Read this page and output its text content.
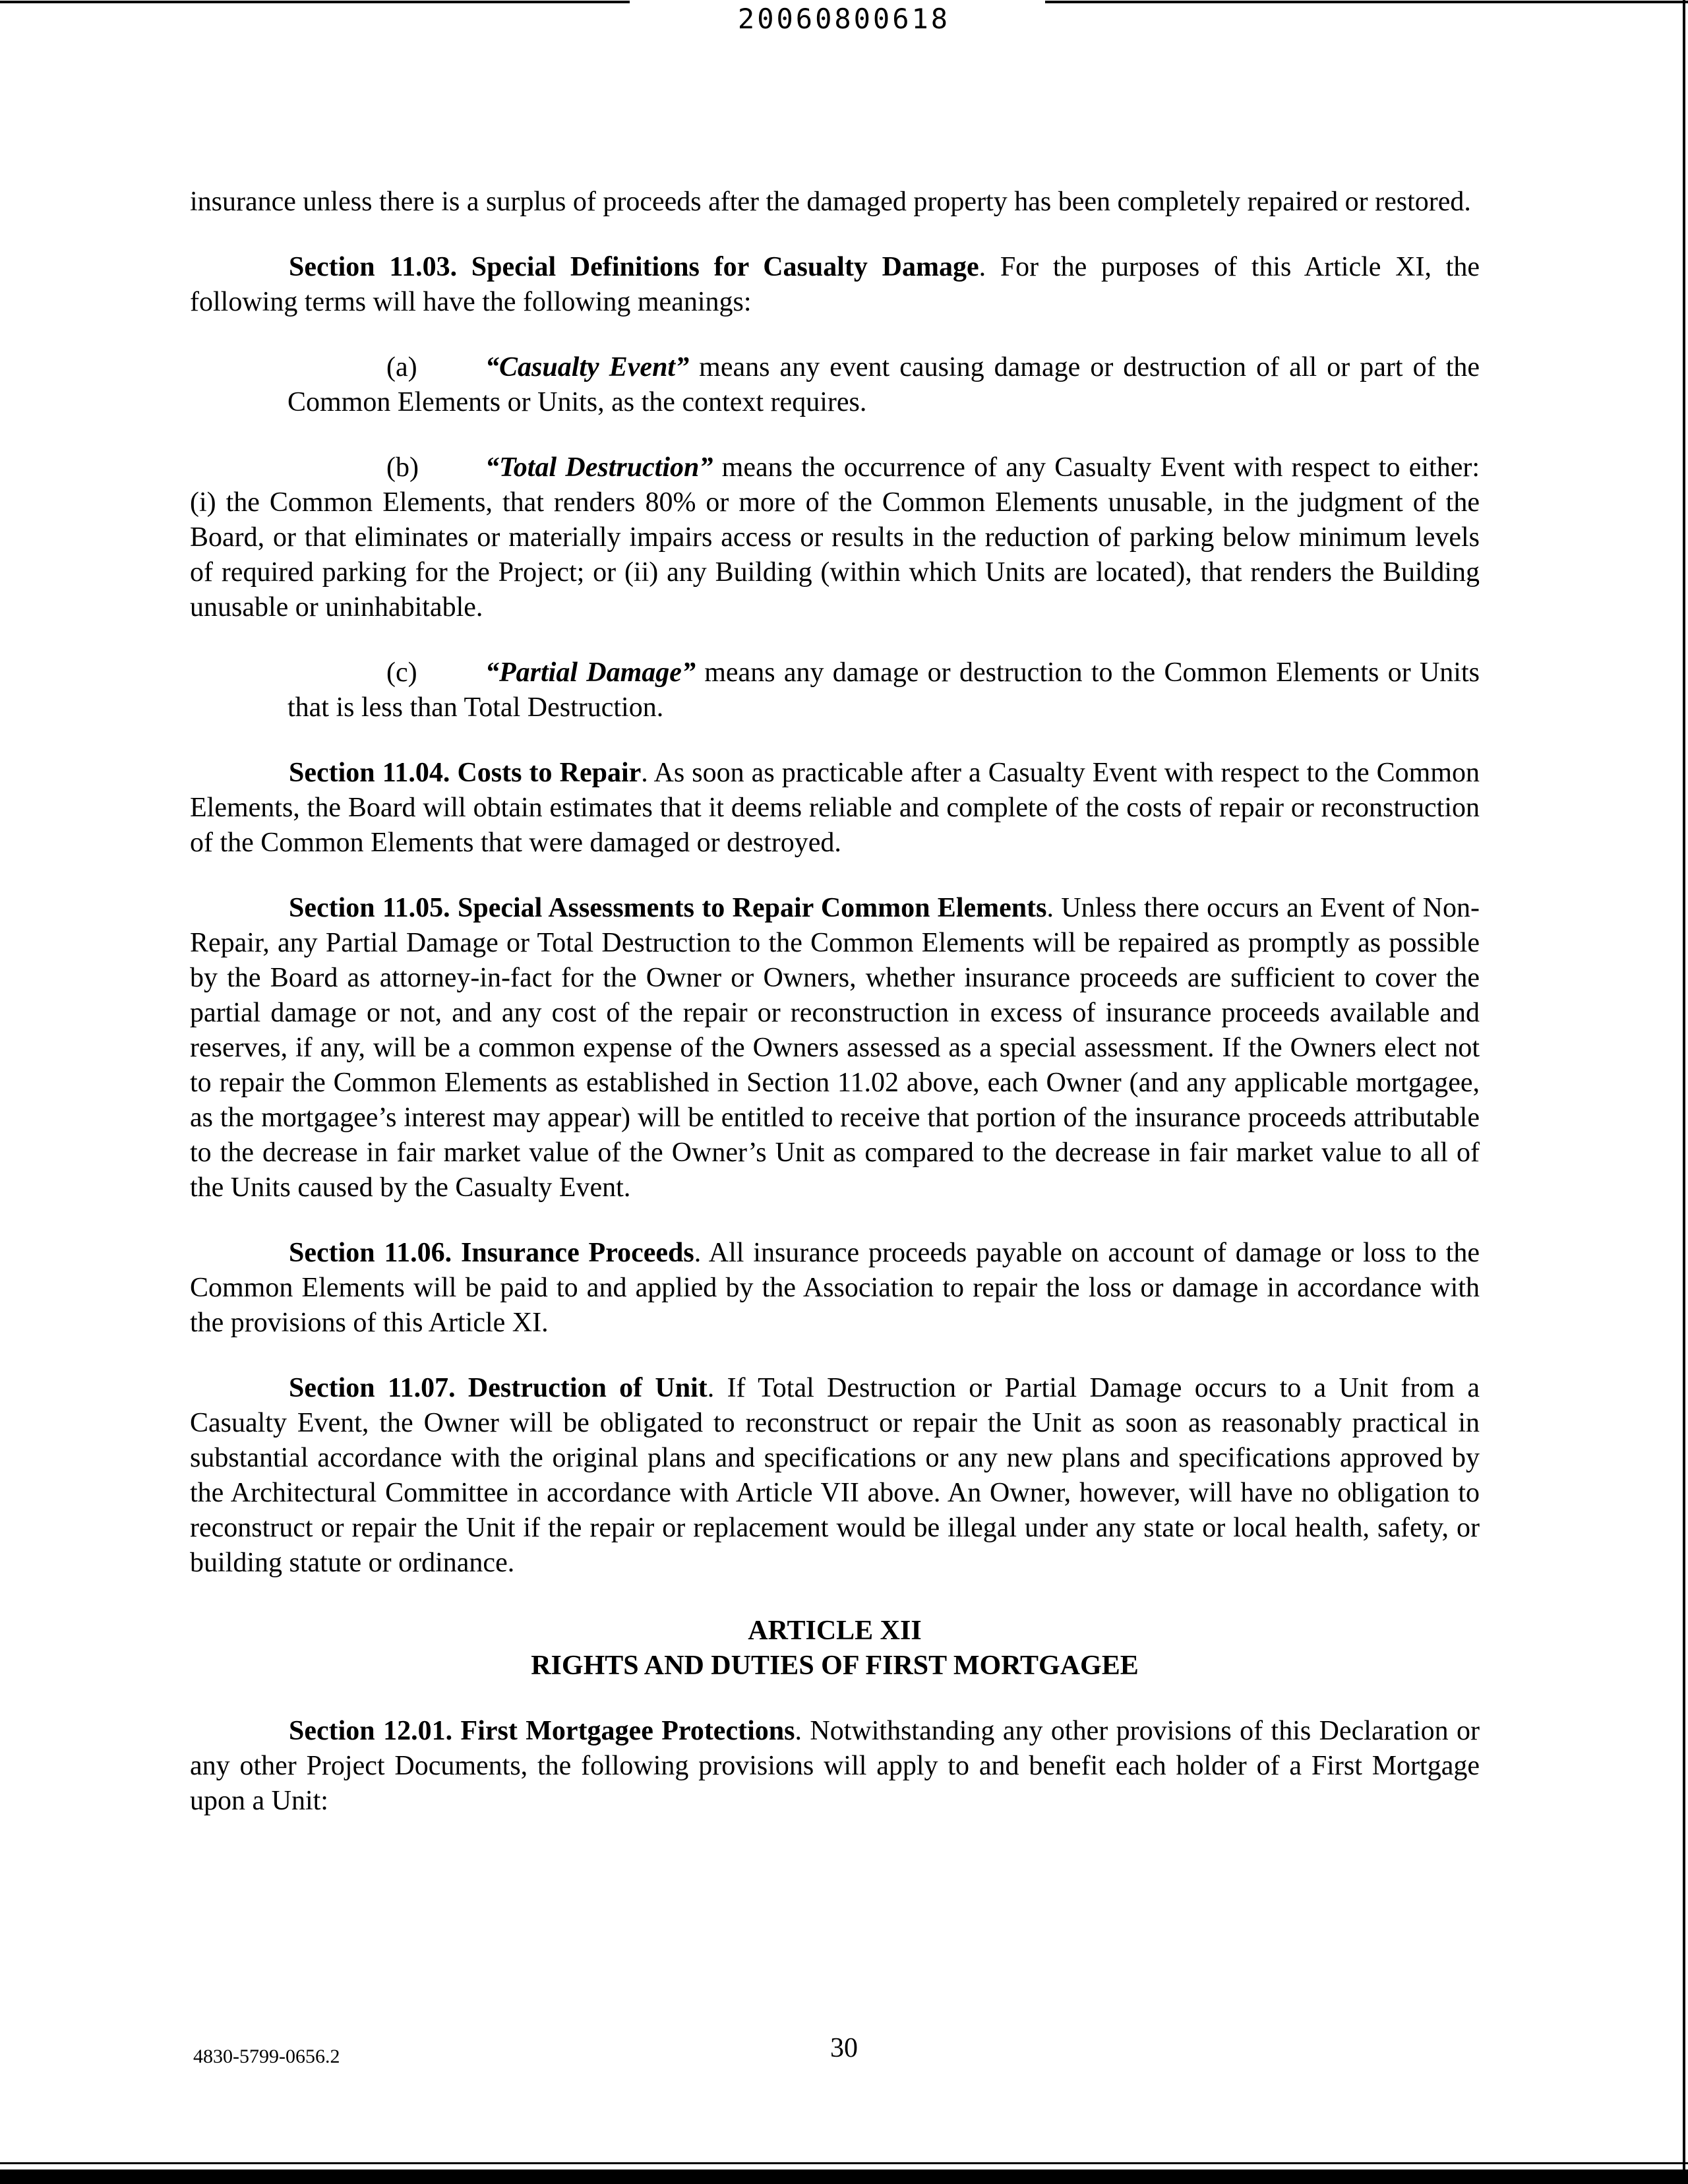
20060800618

insurance unless there is a surplus of proceeds after the damaged property has been completely repaired or restored.

Section 11.03. Special Definitions for Casualty Damage. For the purposes of this Article XI, the following terms will have the following meanings:

(a) “Casualty Event” means any event causing damage or destruction of all or part of the Common Elements or Units, as the context requires.

(b) “Total Destruction” means the occurrence of any Casualty Event with respect to either: (i) the Common Elements, that renders 80% or more of the Common Elements unusable, in the judgment of the Board, or that eliminates or materially impairs access or results in the reduction of parking below minimum levels of required parking for the Project; or (ii) any Building (within which Units are located), that renders the Building unusable or uninhabitable.

(c) “Partial Damage” means any damage or destruction to the Common Elements or Units that is less than Total Destruction.

Section 11.04. Costs to Repair. As soon as practicable after a Casualty Event with respect to the Common Elements, the Board will obtain estimates that it deems reliable and complete of the costs of repair or reconstruction of the Common Elements that were damaged or destroyed.

Section 11.05. Special Assessments to Repair Common Elements. Unless there occurs an Event of Non-Repair, any Partial Damage or Total Destruction to the Common Elements will be repaired as promptly as possible by the Board as attorney-in-fact for the Owner or Owners, whether insurance proceeds are sufficient to cover the partial damage or not, and any cost of the repair or reconstruction in excess of insurance proceeds available and reserves, if any, will be a common expense of the Owners assessed as a special assessment. If the Owners elect not to repair the Common Elements as established in Section 11.02 above, each Owner (and any applicable mortgagee, as the mortgagee’s interest may appear) will be entitled to receive that portion of the insurance proceeds attributable to the decrease in fair market value of the Owner’s Unit as compared to the decrease in fair market value to all of the Units caused by the Casualty Event.

Section 11.06. Insurance Proceeds. All insurance proceeds payable on account of damage or loss to the Common Elements will be paid to and applied by the Association to repair the loss or damage in accordance with the provisions of this Article XI.

Section 11.07. Destruction of Unit. If Total Destruction or Partial Damage occurs to a Unit from a Casualty Event, the Owner will be obligated to reconstruct or repair the Unit as soon as reasonably practical in substantial accordance with the original plans and specifications or any new plans and specifications approved by the Architectural Committee in accordance with Article VII above. An Owner, however, will have no obligation to reconstruct or repair the Unit if the repair or replacement would be illegal under any state or local health, safety, or building statute or ordinance.

ARTICLE XII

RIGHTS AND DUTIES OF FIRST MORTGAGEE

Section 12.01. First Mortgagee Protections. Notwithstanding any other provisions of this Declaration or any other Project Documents, the following provisions will apply to and benefit each holder of a First Mortgage upon a Unit:

4830-5799-0656.2	30
